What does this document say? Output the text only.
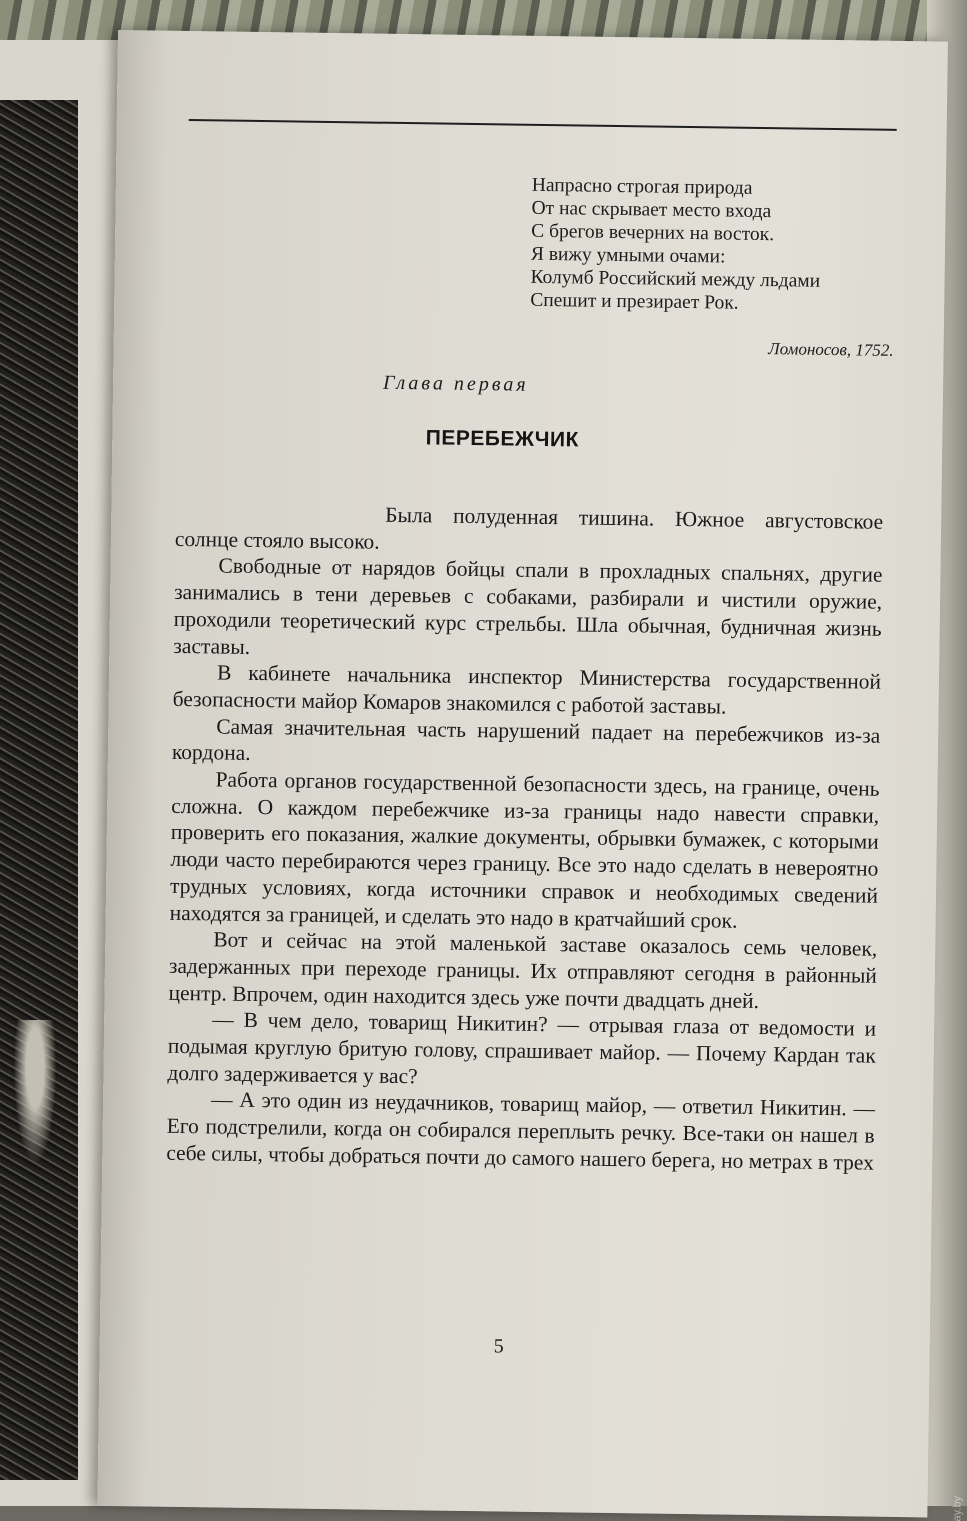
Напрасно строгая природа
От нас скрывает место входа
С брегов вечерних на восток.
Я вижу умными очами:
Колумб Российский между льдами
Спешит и презирает Рок.
Ломоносов, 1752.
Глава первая
ПЕРЕБЕЖЧИК

Была полуденная тишина. Южное августовское солнце стояло высоко.

Свободные от нарядов бойцы спали в прохладных спальнях, другие занимались в тени деревьев с собаками, разбирали и чистили оружие, проходили теоретический курс стрельбы. Шла обычная, будничная жизнь заставы.

В кабинете начальника инспектор Министерства государственной безопасности майор Комаров знакомился с работой заставы.

Самая значительная часть нарушений падает на перебежчиков из-за кордона.

Работа органов государственной безопасности здесь, на границе, очень сложна. О каждом перебежчике из-за границы надо навести справки, проверить его показания, жалкие документы, обрывки бумажек, с которыми люди часто перебираются через границу. Все это надо сделать в невероятно трудных условиях, когда источники справок и необходимых сведений находятся за границей, и сделать это надо в кратчайший срок.

Вот и сейчас на этой маленькой заставе оказалось семь человек, задержанных при переходе границы. Их отправляют сегодня в районный центр. Впрочем, один находится здесь уже почти двадцать дней.

— В чем дело, товарищ Никитин? — отрывая глаза от ведомости и подымая круглую бритую голову, спрашивает майор. — Почему Кардан так долго задерживается у вас?

— А это один из неудачников, товарищ майор, — ответил Никитин. — Его подстрелили, когда он собирался переплыть речку. Все-таки он нашел в себе силы, чтобы добраться почти до самого нашего берега, но метрах в трех

5
ay.by
